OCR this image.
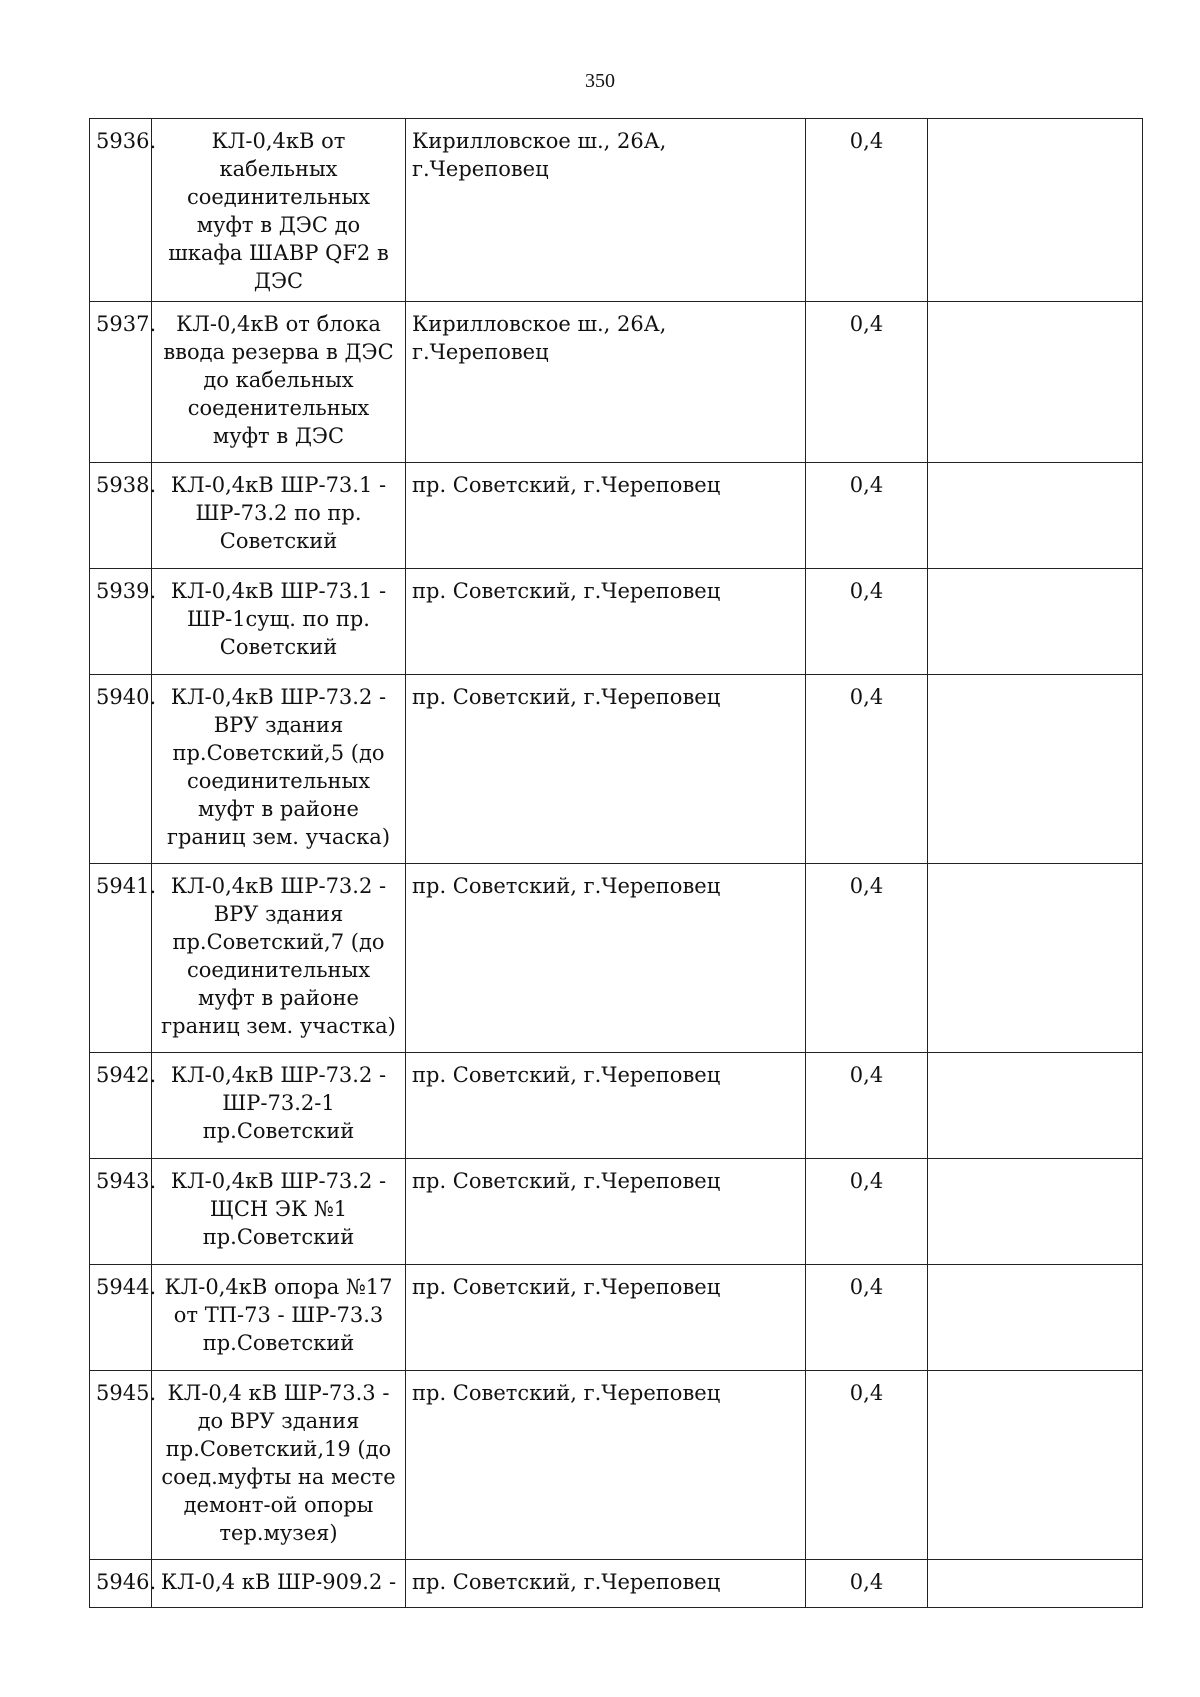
350
5936.	КЛ-0,4кВ от кабельных соединительных муфт в ДЭС до шкафа ШАВР QF2 в ДЭС	Кирилловское ш., 26А, г.Череповец	0,4	
5937.	КЛ-0,4кВ от блока ввода резерва в ДЭС до кабельных соеденительных муфт в ДЭС	Кирилловское ш., 26А, г.Череповец	0,4	
5938.	КЛ-0,4кВ ШР-73.1 - ШР-73.2 по пр. Советский	пр. Советский, г.Череповец	0,4	
5939.	КЛ-0,4кВ ШР-73.1 - ШР-1сущ. по пр. Советский	пр. Советский, г.Череповец	0,4	
5940.	КЛ-0,4кВ ШР-73.2 - ВРУ здания пр.Советский,5 (до соединительных муфт в районе границ зем. учаска)	пр. Советский, г.Череповец	0,4	
5941.	КЛ-0,4кВ ШР-73.2 - ВРУ здания пр.Советский,7 (до соединительных муфт в районе границ зем. участка)	пр. Советский, г.Череповец	0,4	
5942.	КЛ-0,4кВ ШР-73.2 - ШР-73.2-1 пр.Советский	пр. Советский, г.Череповец	0,4	
5943.	КЛ-0,4кВ ШР-73.2 - ЩСН ЭК №1 пр.Советский	пр. Советский, г.Череповец	0,4	
5944.	КЛ-0,4кВ опора №17 от ТП-73 - ШР-73.3 пр.Советский	пр. Советский, г.Череповец	0,4	
5945.	КЛ-0,4 кВ ШР-73.3 - до ВРУ здания пр.Советский,19 (до соед.муфты на месте демонт-ой опоры тер.музея)	пр. Советский, г.Череповец	0,4	
5946.	КЛ-0,4 кВ ШР-909.2 -	пр. Советский, г.Череповец	0,4	
